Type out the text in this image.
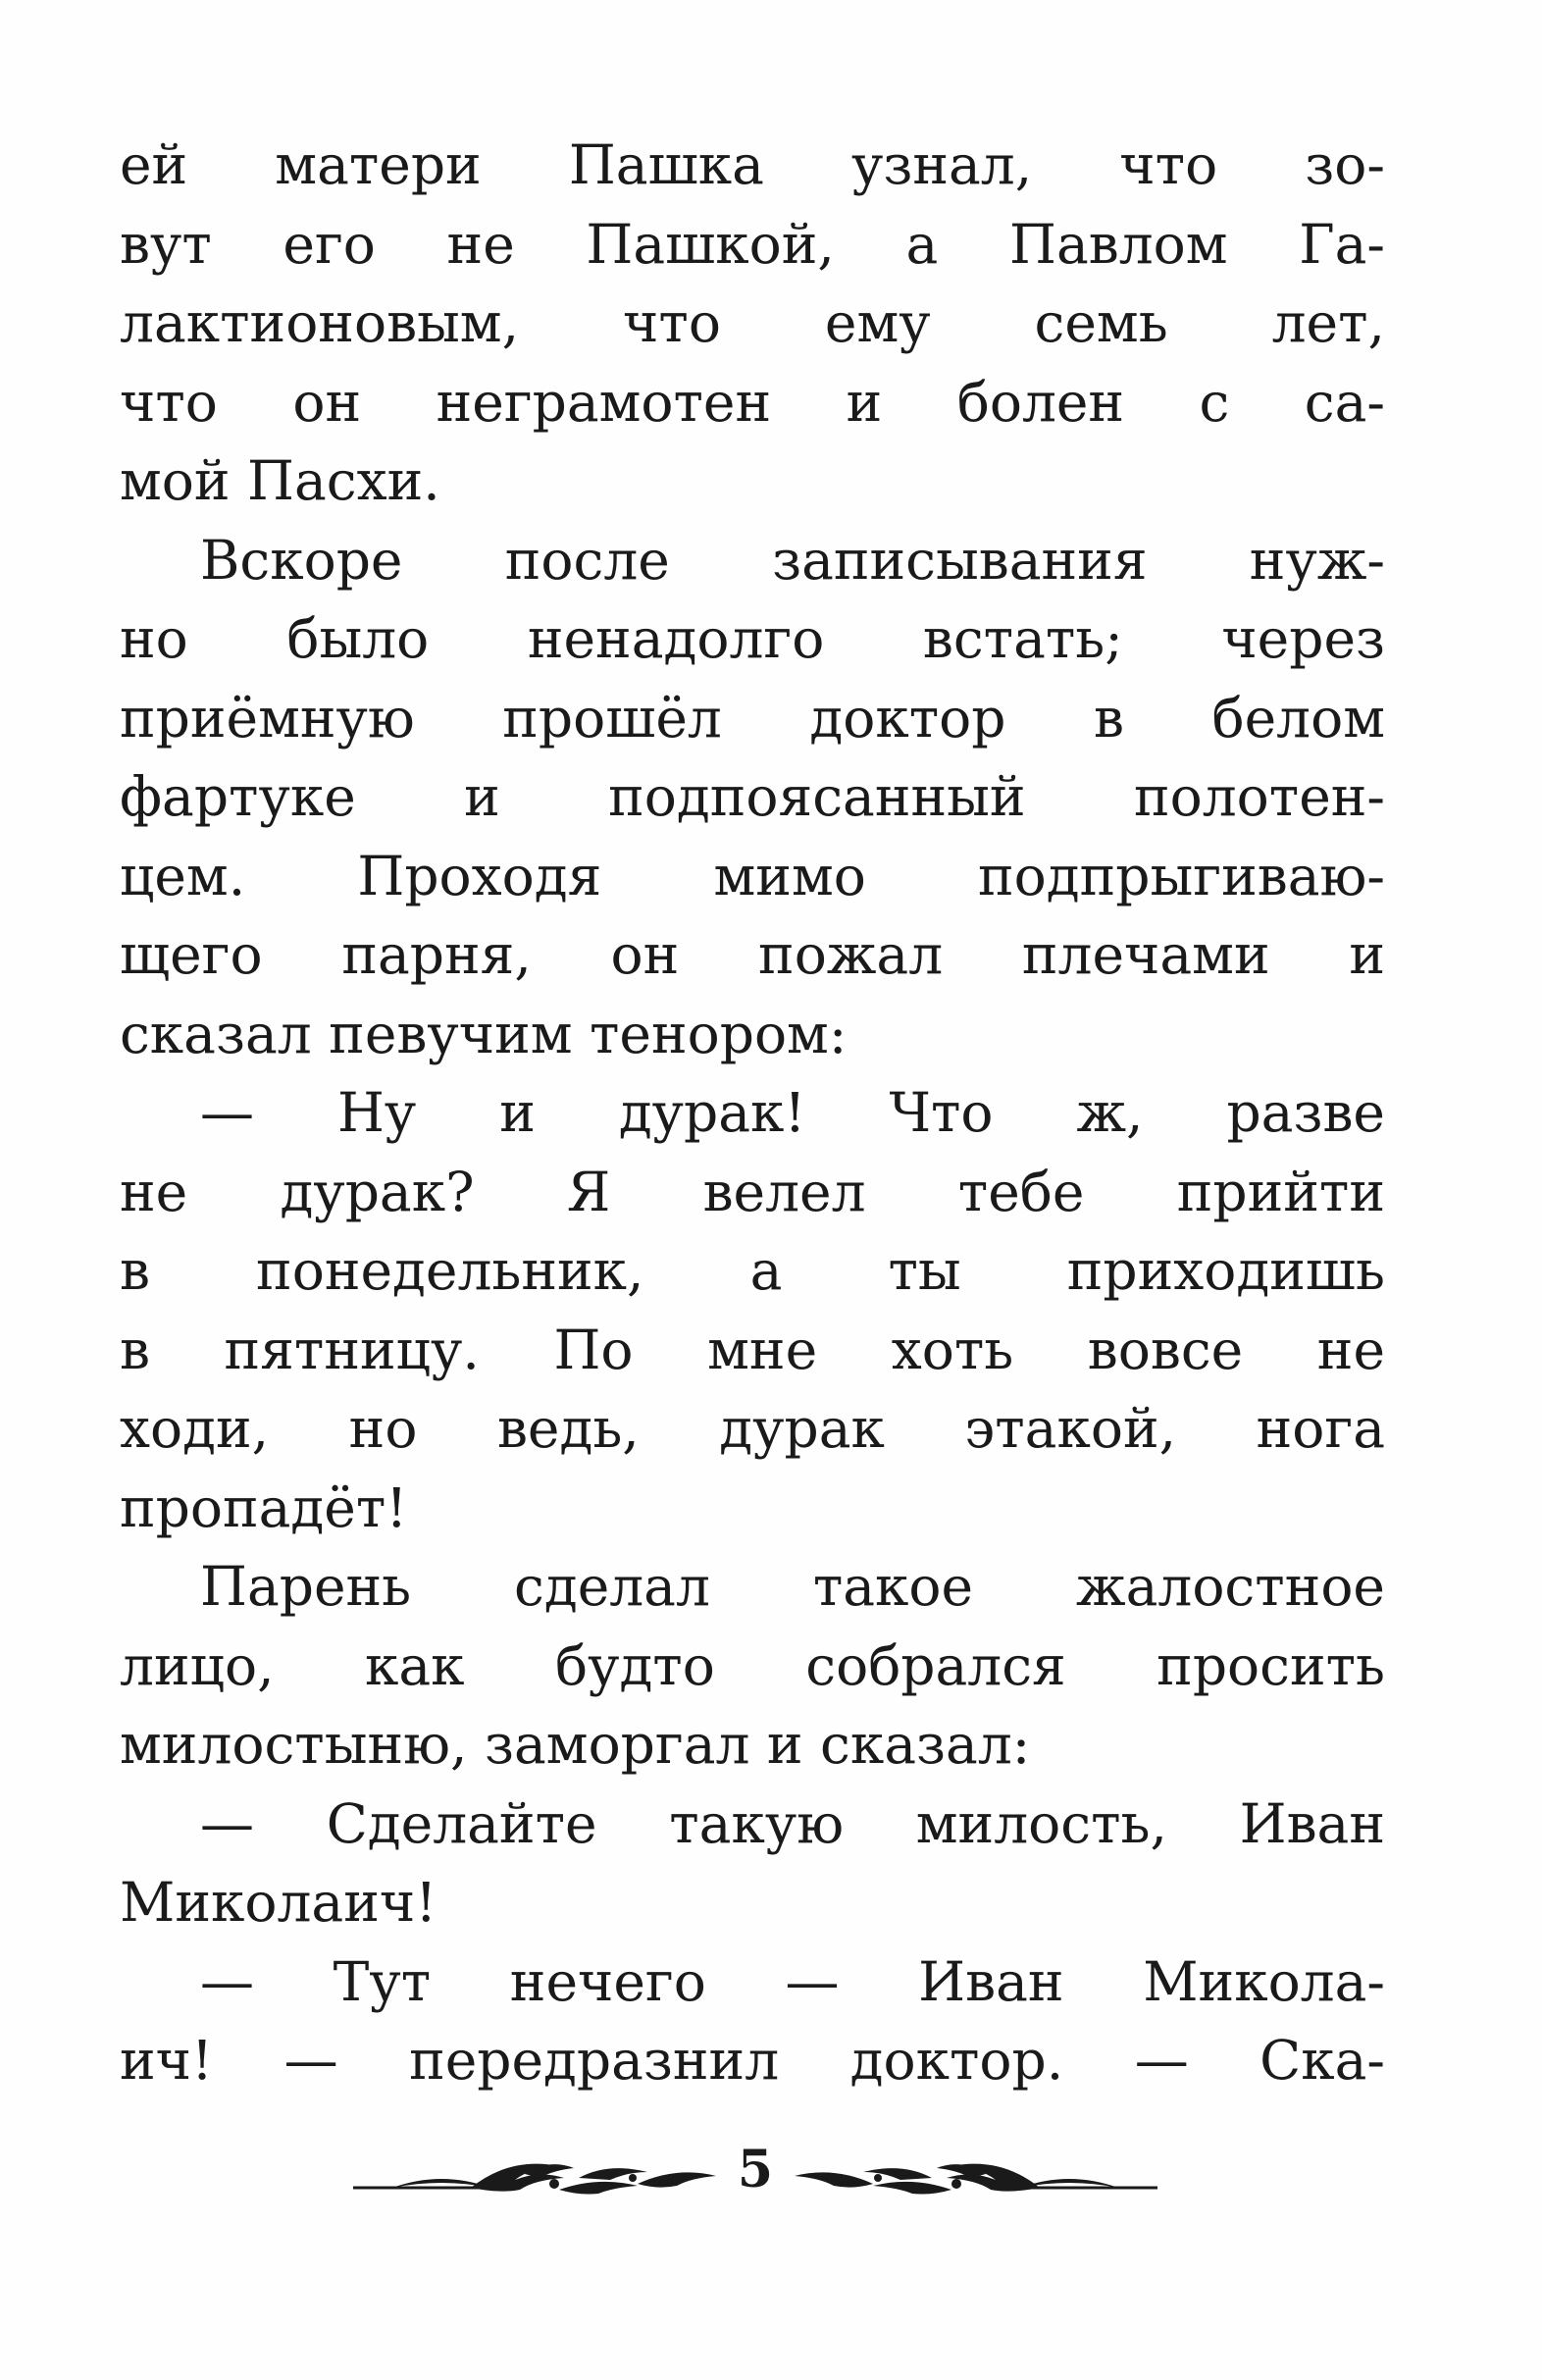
ей матери Пашка узнал, что зо-
вут его не Пашкой, а Павлом Га-
лактионовым, что ему семь лет,
что он неграмотен и болен с са-
мой Пасхи.
Вскоре после записывания нуж-
но было ненадолго встать; через
приёмную прошёл доктор в белом
фартуке и подпоясанный полотен-
цем. Проходя мимо подпрыгиваю-
щего парня, он пожал плечами и
сказал певучим тенором:
— Ну и дурак! Что ж, разве
не дурак? Я велел тебе прийти
в понедельник, а ты приходишь
в пятницу. По мне хоть вовсе не
ходи, но ведь, дурак этакой, нога
пропадёт!
Парень сделал такое жалостное
лицо, как будто собрался просить
милостыню, заморгал и сказал:
— Сделайте такую милость, Иван
Миколаич!
— Тут нечего — Иван Микола-
ич! — передразнил доктор. — Ска-
5
